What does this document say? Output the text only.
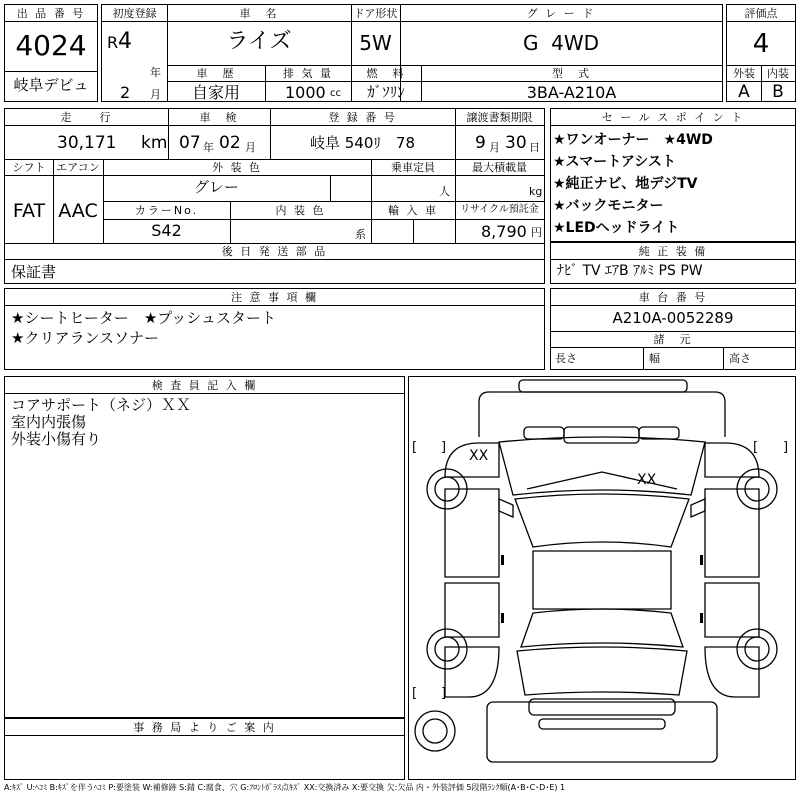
出 品 番 号
4024
岐阜デビュ
初度登録
R 4
年
2 月
車　名
ライズ
ドア形状
5W
グ レ ー ド
G  4WD
車　歴
自家用
排 気 量
1000 cc
燃　料
ｶﾞｿﾘﾝ
型　式
3BA-A210A
評価点
4
外装	内装
A	B
走　　行
30,171 km
車　検
07 年 02 月
登 録 番 号
岐阜 540ﾘ　78
譲渡書類期限
9 月 30 日
シフト
FAT
エアコン
AAC
外 装 色
グレー
乗車定員
人
最大積載量
kg
カラーNo.
S42
内 装 色
系
輸 入 車	リサイクル預託金
8,790 円
後 日 発 送 部 品
保証書
セ ー ル ス ポ イ ン ト
★ワンオーナー　★4WD
★スマートアシスト
★純正ナビ、地デジTV
★バックモニター
★LEDヘッドライト
純 正 装 備
ﾅﾋﾞ TV ｴｱB ｱﾙﾐ PS PW
注 意 事 項 欄
★シートヒーター　★プッシュスタート
★クリアランスソナー
車 台 番 号
A210A-0052289
諸　元
長さ	幅	高さ
検 査 員 記 入 欄
コアサポート（ネジ）ＸＸ
室内内張傷
外装小傷有り
事 務 局 よ り ご 案 内
[ ]	[ ]
XX
XX
[ ]
A:ｷｽﾞ U:ﾍｺﾐ B:ｷｽﾞを伴うﾍｺﾐ P:要塗装 W:補修跡 S:錆 C:腐食、穴 G:ﾌﾛﾝﾄｶﾞﾗｽ点ｷｽﾞ XX:交換済み X:要交換 欠:欠品 内・外装評価 5段階ﾗﾝｸ順(A･B･C･D･E) 1
